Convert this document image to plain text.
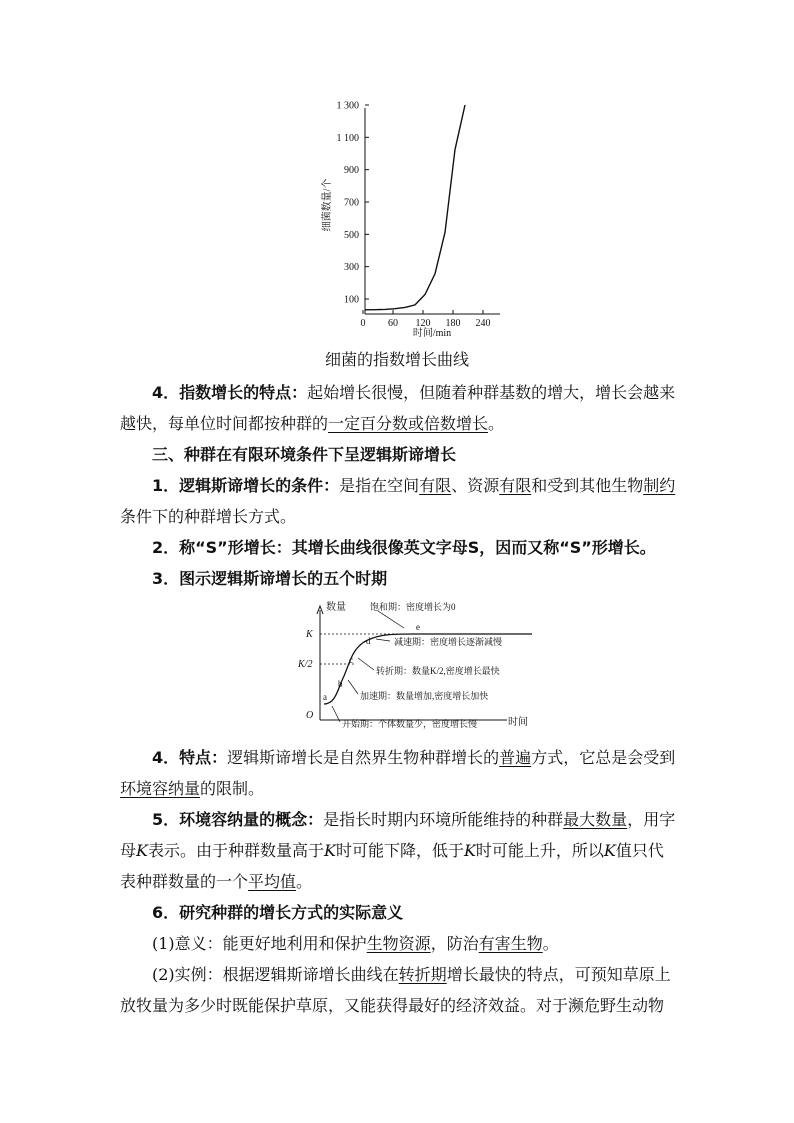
100
300
500
700
900
1 100
1 300
0 60 120 180 240
细菌数量/个
时间/min
细菌的指数增长曲线

4．指数增长的特点：起始增长很慢，但随着种群基数的增大，增长会越来越快，每单位时间都按种群的一定百分数或倍数增长。

三、种群在有限环境条件下呈逻辑斯谛增长

1．逻辑斯谛增长的条件：是指在空间有限、资源有限和受到其他生物制约条件下的种群增长方式。

2．称“S”形增长：其增长曲线很像英文字母S，因而又称“S”形增长。

3．图示逻辑斯谛增长的五个时期

数量
时间
O
K
K/2
a
b
c
d
e
饱和期：密度增长为0
减速期：密度增长逐渐减慢
转折期：数量K/2,密度增长最快
加速期：数量增加,密度增长加快
开始期：个体数量少，密度增长慢

4．特点：逻辑斯谛增长是自然界生物种群增长的普遍方式，它总是会受到环境容纳量的限制。

5．环境容纳量的概念：是指长时期内环境所能维持的种群最大数量，用字母K表示。由于种群数量高于K时可能下降，低于K时可能上升，所以K值只代表种群数量的一个平均值。

6．研究种群的增长方式的实际意义

(1)意义：能更好地利用和保护生物资源，防治有害生物。

(2)实例：根据逻辑斯谛增长曲线在转折期增长最快的特点，可预知草原上放牧量为多少时既能保护草原，又能获得最好的经济效益。对于濒危野生动物
